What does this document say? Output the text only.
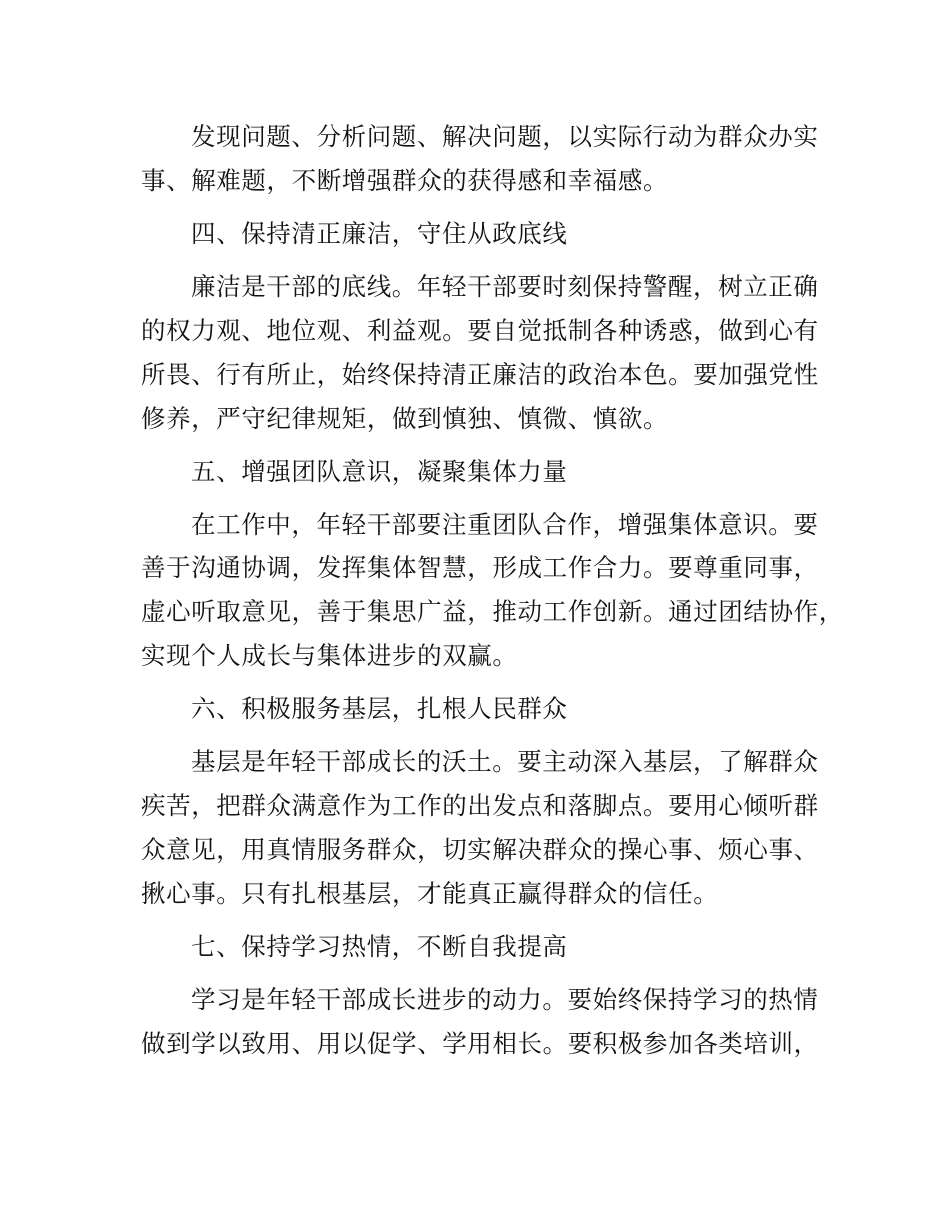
发现问题、分析问题、解决问题，以实际行动为群众办实
事、解难题，不断增强群众的获得感和幸福感。
四、保持清正廉洁，守住从政底线
廉洁是干部的底线。年轻干部要时刻保持警醒，树立正确
的权力观、地位观、利益观。要自觉抵制各种诱惑，做到心有
所畏、行有所止，始终保持清正廉洁的政治本色。要加强党性
修养，严守纪律规矩，做到慎独、慎微、慎欲。
五、增强团队意识，凝聚集体力量
在工作中，年轻干部要注重团队合作，增强集体意识。要
善于沟通协调，发挥集体智慧，形成工作合力。要尊重同事，
虚心听取意见，善于集思广益，推动工作创新。通过团结协作，
实现个人成长与集体进步的双赢。
六、积极服务基层，扎根人民群众
基层是年轻干部成长的沃土。要主动深入基层，了解群众
疾苦，把群众满意作为工作的出发点和落脚点。要用心倾听群
众意见，用真情服务群众，切实解决群众的操心事、烦心事、
揪心事。只有扎根基层，才能真正赢得群众的信任。
七、保持学习热情，不断自我提高
学习是年轻干部成长进步的动力。要始终保持学习的热情
做到学以致用、用以促学、学用相长。要积极参加各类培训，
